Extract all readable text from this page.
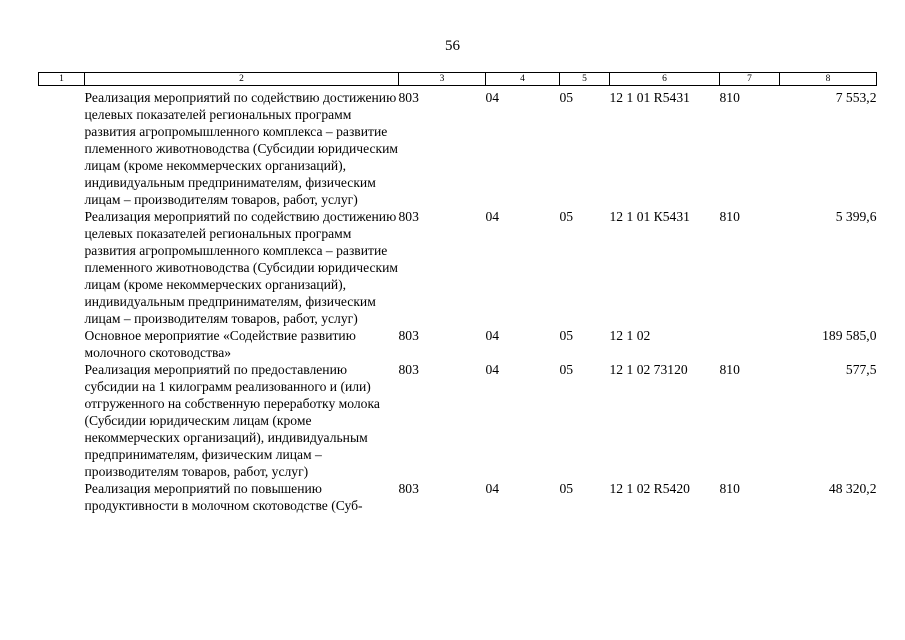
56
1	2	3	4	5	6	7	8
	Реализация мероприятий по содействию достижению целевых показателей региональных программ развития агропромышленного комплекса – развитие племенного животноводства (Субсидии юридическим лицам (кроме некоммерческих организаций), индивидуальным предпринимателям, физическим лицам – производителям товаров, работ, услуг)	803	04	05	12 1 01 R5431	810	7 553,2
	Реализация мероприятий по содействию достижению целевых показателей региональных программ развития агропромышленного комплекса – развитие племенного животноводства (Субсидии юридическим лицам (кроме некоммерческих организаций), индивидуальным предпринимателям, физическим лицам – производителям товаров, работ, услуг)	803	04	05	12 1 01 К5431	810	5 399,6
	Основное мероприятие «Содействие развитию молочного скотоводства»	803	04	05	12 1 02		189 585,0
	Реализация мероприятий по предоставлению субсидии на 1 килограмм реализованного и (или) отгруженного на собственную переработку молока (Субсидии юридическим лицам (кроме некоммерческих организаций), индивидуальным предпринимателям, физическим лицам – производителям товаров, работ, услуг)	803	04	05	12 1 02 73120	810	577,5
	Реализация мероприятий по повышению продуктивности в молочном скотоводстве (Суб-	803	04	05	12 1 02 R5420	810	48 320,2
